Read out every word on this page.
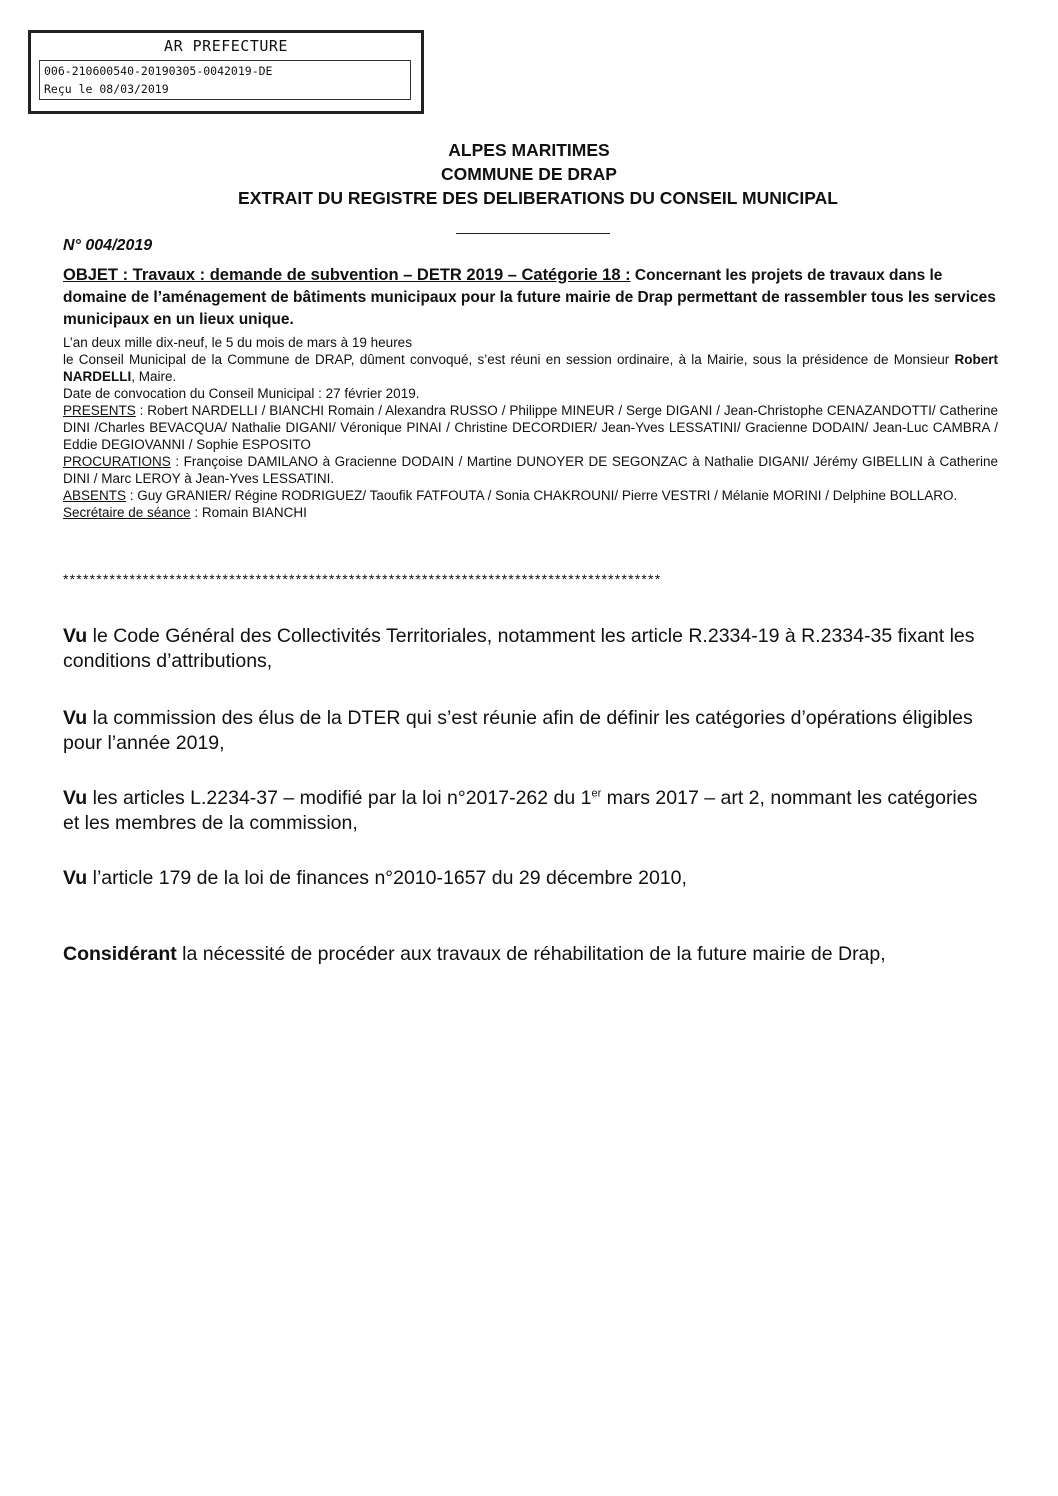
AR PREFECTURE
006-210600540-20190305-0042019-DE
Reçu le 08/03/2019
ALPES MARITIMES
COMMUNE DE DRAP
EXTRAIT DU REGISTRE DES DELIBERATIONS DU CONSEIL MUNICIPAL
N° 004/2019
OBJET : Travaux : demande de subvention – DETR 2019 – Catégorie 18 : Concernant les projets de travaux dans le domaine de l’aménagement de bâtiments municipaux pour la future mairie de Drap permettant de rassembler tous les services municipaux en un lieux unique.
L’an deux mille dix-neuf, le 5 du mois de mars à 19 heures
le Conseil Municipal de la Commune de DRAP, dûment convoqué, s’est réuni en session ordinaire, à la Mairie, sous la présidence de Monsieur Robert NARDELLI, Maire.
Date de convocation du Conseil Municipal : 27 février 2019.
PRESENTS : Robert NARDELLI / BIANCHI Romain / Alexandra RUSSO / Philippe MINEUR / Serge DIGANI / Jean-Christophe CENAZANDOTTI/ Catherine DINI /Charles BEVACQUA/ Nathalie DIGANI/ Véronique PINAI / Christine DECORDIER/ Jean-Yves LESSATINI/ Gracienne DODAIN/ Jean-Luc CAMBRA / Eddie DEGIOVANNI / Sophie ESPOSITO
PROCURATIONS : Françoise DAMILANO à Gracienne DODAIN / Martine DUNOYER DE SEGONZAC à Nathalie DIGANI/ Jérémy GIBELLIN à Catherine DINI / Marc LEROY à Jean-Yves LESSATINI.
ABSENTS : Guy GRANIER/ Régine RODRIGUEZ/ Taoufik FATFOUTA / Sonia CHAKROUNI/ Pierre VESTRI / Mélanie MORINI / Delphine BOLLARO.
Secrétaire de séance : Romain BIANCHI
******************************************************************************************
Vu le Code Général des Collectivités Territoriales, notamment les article R.2334-19 à R.2334-35 fixant les conditions d’attributions,
Vu la commission des élus de la DTER qui s’est réunie afin de définir les catégories d’opérations éligibles pour l’année 2019,
Vu les articles L.2234-37 – modifié par la loi n°2017-262 du 1er mars 2017 – art 2, nommant les catégories et les membres de la commission,
Vu l’article 179 de la loi de finances n°2010-1657 du 29 décembre 2010,
Considérant la nécessité de procéder aux travaux de réhabilitation de la future mairie de Drap,
